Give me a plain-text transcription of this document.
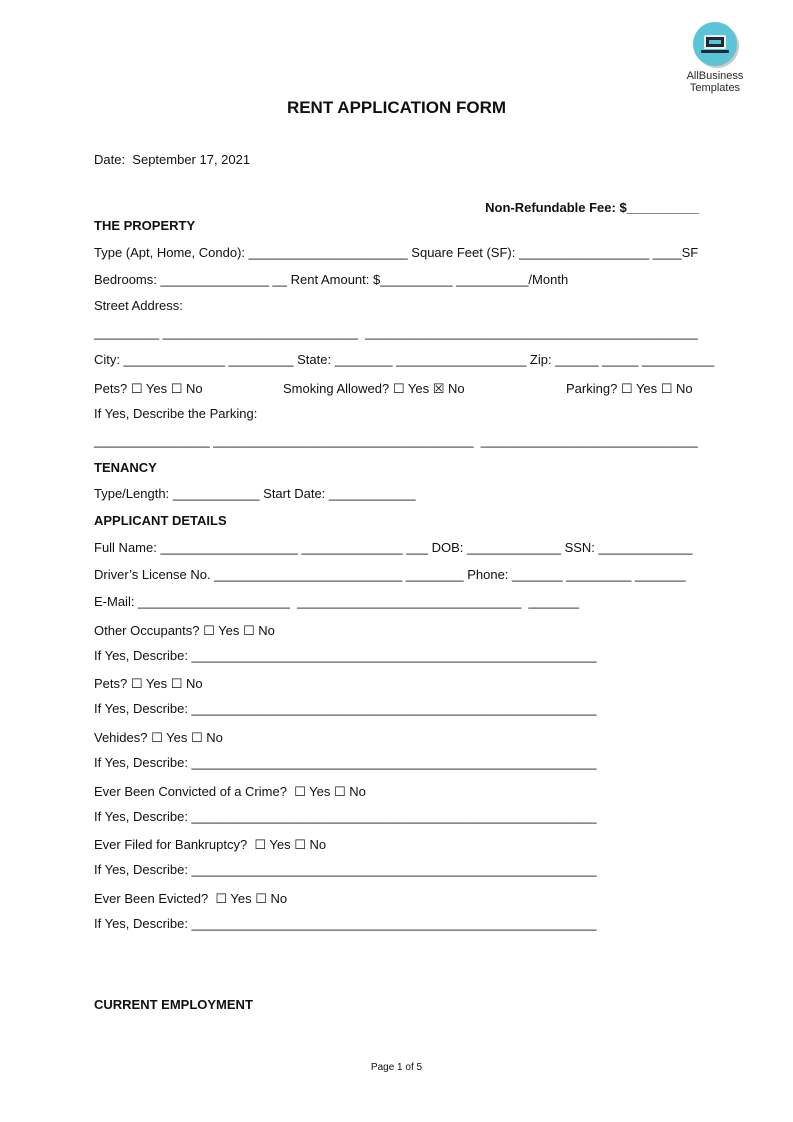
AllBusiness
Templates
RENT APPLICATION FORM
Date:  September 17, 2021
Non-Refundable Fee: $__________
THE PROPERTY
Type (Apt, Home, Condo): ______________________ Square Feet (SF): __________________ ____SF
Bedrooms: _______________ __ Rent Amount: $__________ __________/Month
Street Address:
_________ ___________________________  ______________________________________________
City: ______________ _________ State: ________ __________________ Zip: ______ _____ __________
Pets? ☐ Yes ☐ No	Smoking Allowed? ☐ Yes ☒ No	Parking? ☐ Yes ☐ No
If Yes, Describe the Parking:
________________ ____________________________________  ______________________________
TENANCY
Type/Length: ____________ Start Date: ____________
APPLICANT DETAILS
Full Name: ___________________ ______________ ___ DOB: _____________ SSN: _____________
Driver’s License No. __________________________ ________ Phone: _______ _________ _______
E-Mail: _____________________  _______________________________  _______
Other Occupants? ☐ Yes ☐ No
If Yes, Describe: ________________________________________________________
Pets? ☐ Yes ☐ No
If Yes, Describe: ________________________________________________________
Vehides? ☐ Yes ☐ No
If Yes, Describe: ________________________________________________________
Ever Been Convicted of a Crime?  ☐ Yes ☐ No
If Yes, Describe: ________________________________________________________
Ever Filed for Bankruptcy?  ☐ Yes ☐ No
If Yes, Describe: ________________________________________________________
Ever Been Evicted?  ☐ Yes ☐ No
If Yes, Describe: ________________________________________________________
CURRENT EMPLOYMENT
Page 1 of 5
